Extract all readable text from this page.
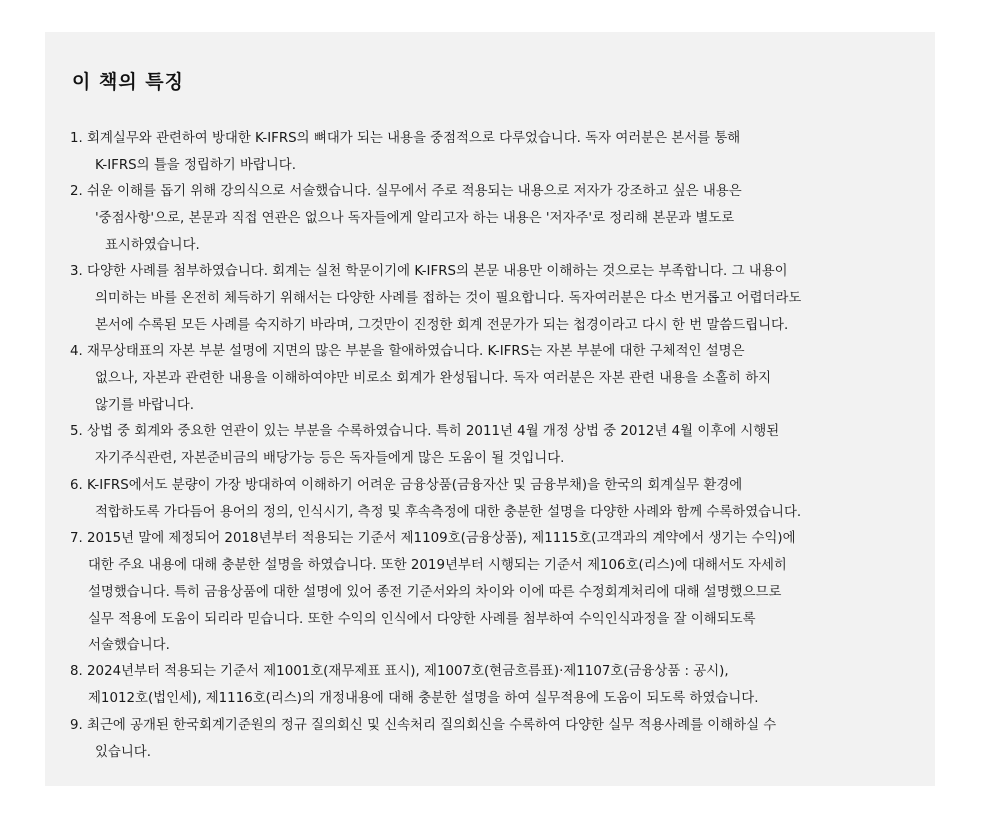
이 책의 특징
1. 회계실무와 관련하여 방대한 K-IFRS의 뼈대가 되는 내용을 중점적으로 다루었습니다. 독자 여러분은 본서를 통해
K-IFRS의 틀을 정립하기 바랍니다.
2. 쉬운 이해를 돕기 위해 강의식으로 서술했습니다. 실무에서 주로 적용되는 내용으로 저자가 강조하고 싶은 내용은
'중점사항'으로, 본문과 직접 연관은 없으나 독자들에게 알리고자 하는 내용은 '저자주'로 정리해 본문과 별도로
표시하였습니다.
3. 다양한 사례를 첨부하였습니다. 회계는 실천 학문이기에 K-IFRS의 본문 내용만 이해하는 것으로는 부족합니다. 그 내용이
의미하는 바를 온전히 체득하기 위해서는 다양한 사례를 접하는 것이 필요합니다. 독자여러분은 다소 번거롭고 어렵더라도
본서에 수록된 모든 사례를 숙지하기 바라며, 그것만이 진정한 회계 전문가가 되는 첩경이라고 다시 한 번 말씀드립니다.
4. 재무상태표의 자본 부분 설명에 지면의 많은 부분을 할애하였습니다. K-IFRS는 자본 부분에 대한 구체적인 설명은
없으나, 자본과 관련한 내용을 이해하여야만 비로소 회계가 완성됩니다. 독자 여러분은 자본 관련 내용을 소홀히 하지
않기를 바랍니다.
5. 상법 중 회계와 중요한 연관이 있는 부분을 수록하였습니다. 특히 2011년 4월 개정 상법 중 2012년 4월 이후에 시행된
자기주식관련, 자본준비금의 배당가능 등은 독자들에게 많은 도움이 될 것입니다.
6. K-IFRS에서도 분량이 가장 방대하여 이해하기 어려운 금융상품(금융자산 및 금융부채)을 한국의 회계실무 환경에
적합하도록 가다듬어 용어의 정의, 인식시기, 측정 및 후속측정에 대한 충분한 설명을 다양한 사례와 함께 수록하였습니다.
7. 2015년 말에 제정되어 2018년부터 적용되는 기준서 제1109호(금융상품), 제1115호(고객과의 계약에서 생기는 수익)에
대한 주요 내용에 대해 충분한 설명을 하였습니다. 또한 2019년부터 시행되는 기준서 제106호(리스)에 대해서도 자세히
설명했습니다. 특히 금융상품에 대한 설명에 있어 종전 기준서와의 차이와 이에 따른 수정회계처리에 대해 설명했으므로
실무 적용에 도움이 되리라 믿습니다. 또한 수익의 인식에서 다양한 사례를 첨부하여 수익인식과정을 잘 이해되도록
서술했습니다.
8. 2024년부터 적용되는 기준서 제1001호(재무제표 표시), 제1007호(현금흐름표)·제1107호(금융상품 : 공시),
제1012호(법인세), 제1116호(리스)의 개정내용에 대해 충분한 설명을 하여 실무적용에 도움이 되도록 하였습니다.
9. 최근에 공개된 한국회계기준원의 정규 질의회신 및 신속처리 질의회신을 수록하여 다양한 실무 적용사례를 이해하실 수
있습니다.
